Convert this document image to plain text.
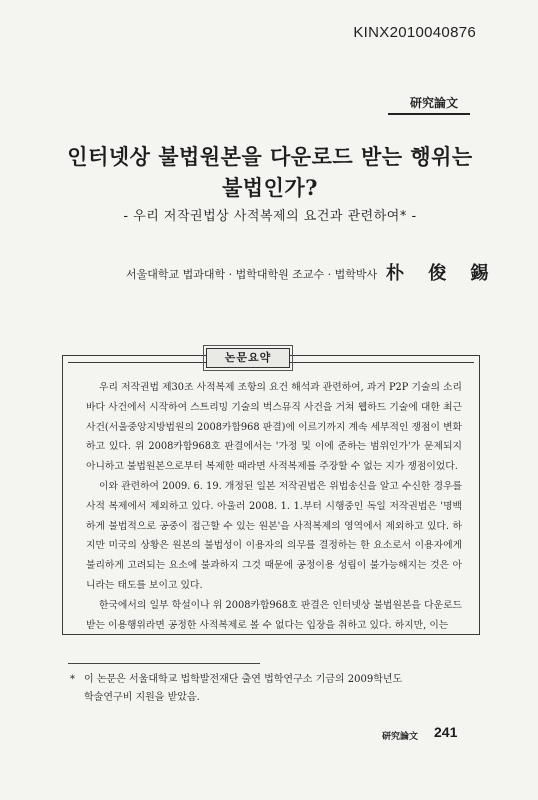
KINX2010040876
研究論文
인터넷상 불법원본을 다운로드 받는 행위는
불법인가?
- 우리 저작권법상 사적복제의 요건과 관련하여* -
서울대학교 법과대학 · 법학대학원 조교수 · 법학박사 朴 俊 錫
논문요약

우리 저작권법 제30조 사적복제 조항의 요건 해석과 관련하여, 과거 P2P 기술의 소리바다 사건에서 시작하여 스트리밍 기술의 벅스뮤직 사건을 거쳐 웹하드 기술에 대한 최근 사건(서울중앙지방법원의 2008카합968 판결)에 이르기까지 계속 세부적인 쟁점이 변화하고 있다. 위 2008카합968호 판결에서는 '가정 및 이에 준하는 범위인가'가 문제되지 아니하고 불법원본으로부터 복제한 때라면 사적복제를 주장할 수 없는 지가 쟁점이었다.

이와 관련하여 2009. 6. 19. 개정된 일본 저작권법은 위법송신을 알고 수신한 경우를 사적 복제에서 제외하고 있다. 아울러 2008. 1. 1.부터 시행중인 독일 저작권법은 '명백하게 불법적으로 공중이 접근할 수 있는 원본'을 사적복제의 영역에서 제외하고 있다. 하지만 미국의 상황은 원본의 불법성이 이용자의 의무를 결정하는 한 요소로서 이용자에게 불리하게 고려되는 요소에 불과하지 그것 때문에 공정이용 성립이 불가능해지는 것은 아니라는 태도를 보이고 있다.

한국에서의 일부 학설이나 위 2008카합968호 판결은 인터넷상 불법원본을 다운로드 받는 이용행위라면 공정한 사적복제로 볼 수 없다는 입장을 취하고 있다. 하지만, 이는

* 이 논문은 서울대학교 법학발전재단 출연 법학연구소 기금의 2009학년도
학술연구비 지원을 받았음.
研究論文 241
